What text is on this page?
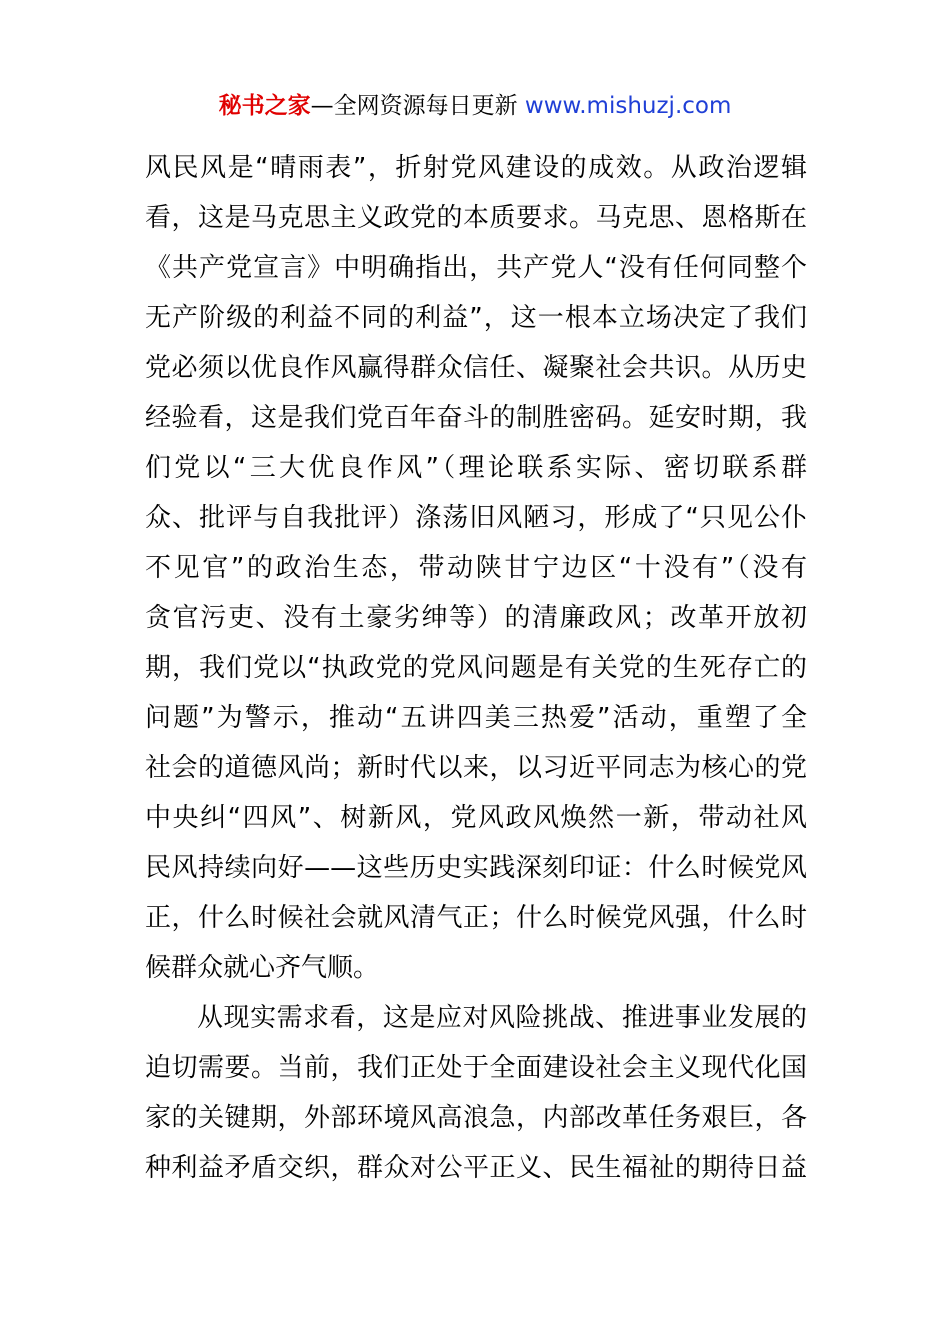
秘书之家—全网资源每日更新 www.mishuzj.com
风民风是“晴雨表”，折射党风建设的成效。从政治逻辑
看，这是马克思主义政党的本质要求。马克思、恩格斯在
《共产党宣言》中明确指出，共产党人“没有任何同整个
无产阶级的利益不同的利益”，这一根本立场决定了我们
党必须以优良作风赢得群众信任、凝聚社会共识。从历史
经验看，这是我们党百年奋斗的制胜密码。延安时期，我
们党以“三大优良作风”（理论联系实际、密切联系群
众、批评与自我批评）涤荡旧风陋习，形成了“只见公仆
不见官”的政治生态，带动陕甘宁边区“十没有”（没有
贪官污吏、没有土豪劣绅等）的清廉政风；改革开放初
期，我们党以“执政党的党风问题是有关党的生死存亡的
问题”为警示，推动“五讲四美三热爱”活动，重塑了全
社会的道德风尚；新时代以来，以习近平同志为核心的党
中央纠“四风”、树新风，党风政风焕然一新，带动社风
民风持续向好——这些历史实践深刻印证：什么时候党风
正，什么时候社会就风清气正；什么时候党风强，什么时
候群众就心齐气顺。
从现实需求看，这是应对风险挑战、推进事业发展的
迫切需要。当前，我们正处于全面建设社会主义现代化国
家的关键期，外部环境风高浪急，内部改革任务艰巨，各
种利益矛盾交织，群众对公平正义、民生福祉的期待日益
